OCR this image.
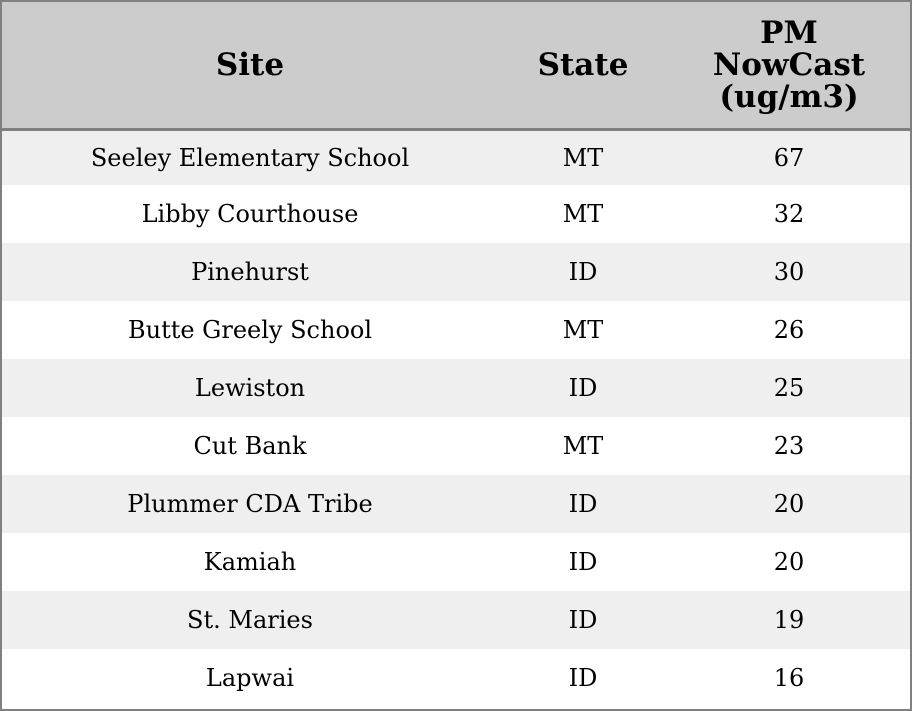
Site	State	PM
NowCast
(ug/m3)
Seeley Elementary School	MT	67
Libby Courthouse	MT	32
Pinehurst	ID	30
Butte Greely School	MT	26
Lewiston	ID	25
Cut Bank	MT	23
Plummer CDA Tribe	ID	20
Kamiah	ID	20
St. Maries	ID	19
Lapwai	ID	16
